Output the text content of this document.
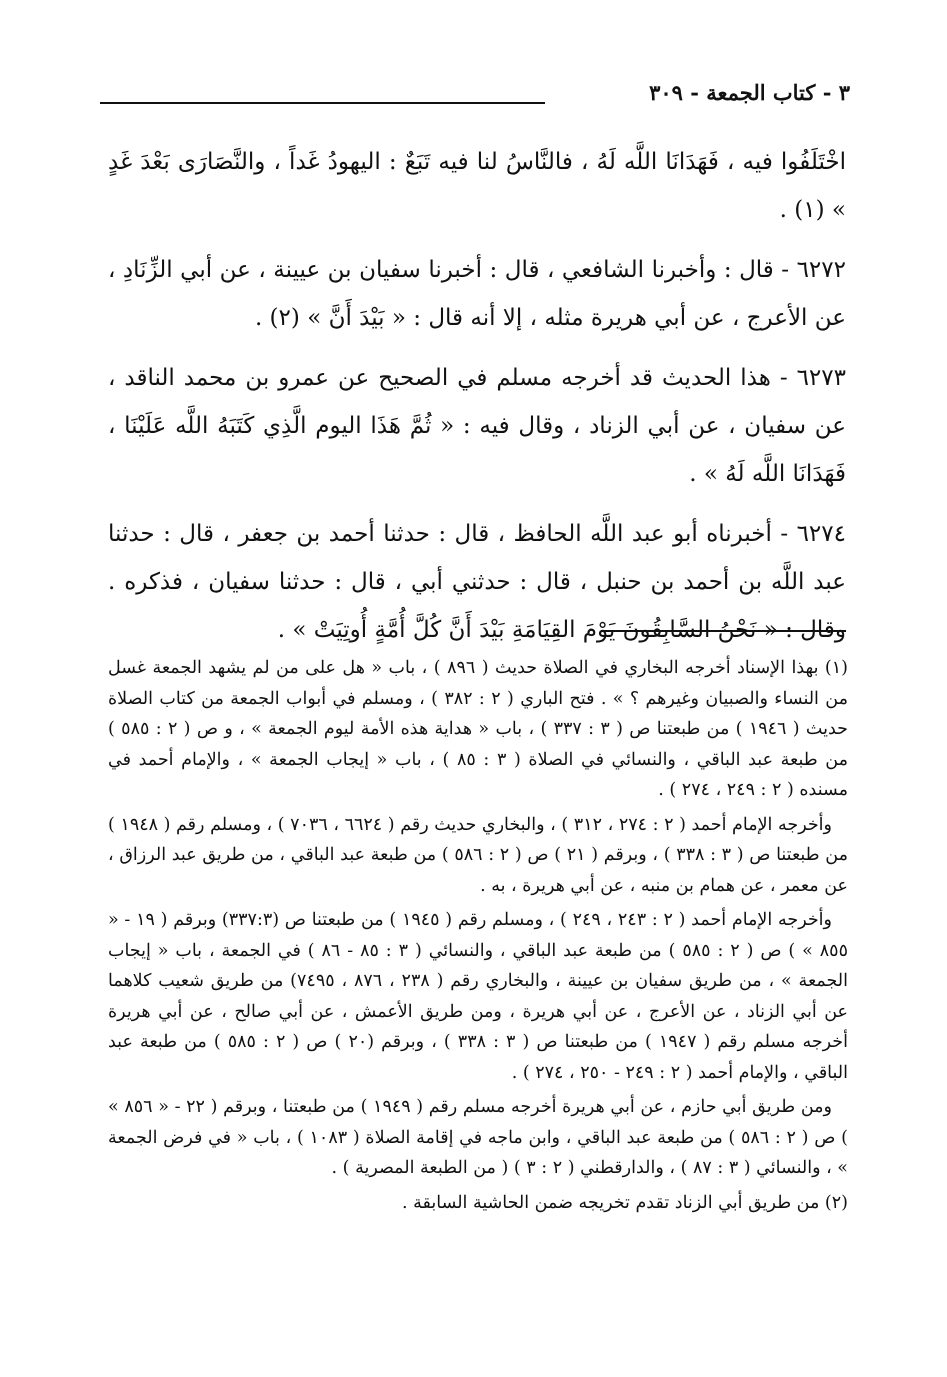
٣ - كتاب الجمعة - ٣٠٩

اخْتَلَفُوا فيه ، فَهَدَانَا اللَّه لَهُ ، فالنَّاسُ لنا فيه تَبَعٌ : اليهودُ غَداً ، والنَّصَارَى بَعْدَ غَدٍ » (١) .

٦٢٧٢ - قال : وأخبرنا الشافعي ، قال : أخبرنا سفيان بن عيينة ، عن أبي الزِّنَادِ ، عن الأعرج ، عن أبي هريرة مثله ، إلا أنه قال : « بَيْدَ أَنَّ » (٢) .

٦٢٧٣ - هذا الحديث قد أخرجه مسلم في الصحيح عن عمرو بن محمد الناقد ، عن سفيان ، عن أبي الزناد ، وقال فيه : « ثُمَّ هَذَا اليوم الَّذِي كَتَبَهُ اللَّه عَلَيْنَا ، فَهَدَانَا اللَّه لَهُ » .

٦٢٧٤ - أخبرناه أبو عبد اللَّه الحافظ ، قال : حدثنا أحمد بن جعفر ، قال : حدثنا عبد اللَّه بن أحمد بن حنبل ، قال : حدثني أبي ، قال : حدثنا سفيان ، فذكره . وقال : « نَحْنُ السَّابِقُونَ يَوْمَ القِيَامَةِ بَيْدَ أَنَّ كُلَّ أُمَّةٍ أُوتِيَتْ » .

(١) بهذا الإسناد أخرجه البخاري في الصلاة حديث ( ٨٩٦ ) ، باب « هل على من لم يشهد الجمعة غسل من النساء والصبيان وغيرهم ؟ » . فتح الباري ( ٢ : ٣٨٢ ) ، ومسلم في أبواب الجمعة من كتاب الصلاة حديث ( ١٩٤٦ ) من طبعتنا ص ( ٣ : ٣٣٧ ) ، باب « هداية هذه الأمة ليوم الجمعة » ، و ص ( ٢ : ٥٨٥ ) من طبعة عبد الباقي ، والنسائي في الصلاة ( ٣ : ٨٥ ) ، باب « إيجاب الجمعة » ، والإمام أحمد في مسنده ( ٢ : ٢٤٩ ، ٢٧٤ ) .

وأخرجه الإمام أحمد ( ٢ : ٢٧٤ ، ٣١٢ ) ، والبخاري حديث رقم ( ٦٦٢٤ ، ٧٠٣٦ ) ، ومسلم رقم ( ١٩٤٨ ) من طبعتنا ص ( ٣ : ٣٣٨ ) ، وبرقم ( ٢١ ) ص ( ٢ : ٥٨٦ ) من طبعة عبد الباقي ، من طريق عبد الرزاق ، عن معمر ، عن همام بن منبه ، عن أبي هريرة ، به .

وأخرجه الإمام أحمد ( ٢ : ٢٤٣ ، ٢٤٩ ) ، ومسلم رقم ( ١٩٤٥ ) من طبعتنا ص (٣٣٧:٣) وبرقم ( ١٩ - « ٨٥٥ » ) ص ( ٢ : ٥٨٥ ) من طبعة عبد الباقي ، والنسائي ( ٣ : ٨٥ - ٨٦ ) في الجمعة ، باب « إيجاب الجمعة » ، من طريق سفيان بن عيينة ، والبخاري رقم ( ٢٣٨ ، ٨٧٦ ، ٧٤٩٥) من طريق شعيب كلاهما عن أبي الزناد ، عن الأعرج ، عن أبي هريرة ، ومن طريق الأعمش ، عن أبي صالح ، عن أبي هريرة أخرجه مسلم رقم ( ١٩٤٧ ) من طبعتنا ص ( ٣ : ٣٣٨ ) ، وبرقم (٢٠ ) ص ( ٢ : ٥٨٥ ) من طبعة عبد الباقي ، والإمام أحمد ( ٢ : ٢٤٩ - ٢٥٠ ، ٢٧٤ ) .

ومن طريق أبي حازم ، عن أبي هريرة أخرجه مسلم رقم ( ١٩٤٩ ) من طبعتنا ، وبرقم ( ٢٢ - « ٨٥٦ » ) ص ( ٢ : ٥٨٦ ) من طبعة عبد الباقي ، وابن ماجه في إقامة الصلاة ( ١٠٨٣ ) ، باب « في فرض الجمعة » ، والنسائي ( ٣ : ٨٧ ) ، والدارقطني ( ٢ : ٣ ) ( من الطبعة المصرية ) .

(٢) من طريق أبي الزناد تقدم تخريجه ضمن الحاشية السابقة .
